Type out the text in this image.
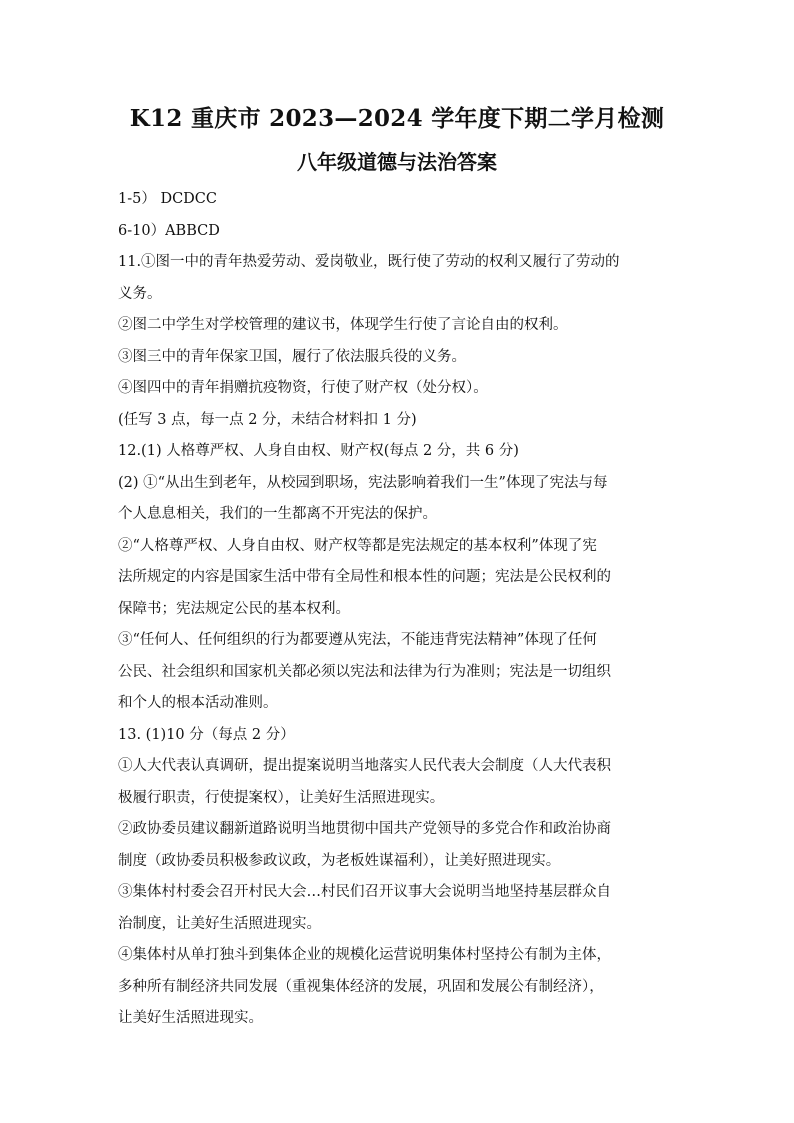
K12 重庆市 2023—2024 学年度下期二学月检测
八年级道德与法治答案
1-5） DCDCC
6-10）ABBCD
11.①图一中的青年热爱劳动、爱岗敬业，既行使了劳动的权利又履行了劳动的
义务。
②图二中学生对学校管理的建议书，体现学生行使了言论自由的权利。
③图三中的青年保家卫国，履行了依法服兵役的义务。
④图四中的青年捐赠抗疫物资，行使了财产权（处分权）。
(任写 3 点，每一点 2 分，未结合材料扣 1 分)
12.(1) 人格尊严权、人身自由权、财产权(每点 2 分，共 6 分)
(2) ①“从出生到老年，从校园到职场，宪法影响着我们一生”体现了宪法与每
个人息息相关，我们的一生都离不开宪法的保护。
②“人格尊严权、人身自由权、财产权等都是宪法规定的基本权利”体现了宪
法所规定的内容是国家生活中带有全局性和根本性的问题；宪法是公民权利的
保障书；宪法规定公民的基本权利。
③“任何人、任何组织的行为都要遵从宪法，不能违背宪法精神”体现了任何
公民、社会组织和国家机关都必须以宪法和法律为行为准则；宪法是一切组织
和个人的根本活动准则。
13. (1)10 分（每点 2 分）
①人大代表认真调研，提出提案说明当地落实人民代表大会制度（人大代表积
极履行职责，行使提案权），让美好生活照进现实。
②政协委员建议翻新道路说明当地贯彻中国共产党领导的多党合作和政治协商
制度（政协委员积极参政议政，为老板姓谋福利），让美好照进现实。
③集体村村委会召开村民大会…村民们召开议事大会说明当地坚持基层群众自
治制度，让美好生活照进现实。
④集体村从单打独斗到集体企业的规模化运营说明集体村坚持公有制为主体，
多种所有制经济共同发展（重视集体经济的发展，巩固和发展公有制经济），
让美好生活照进现实。
